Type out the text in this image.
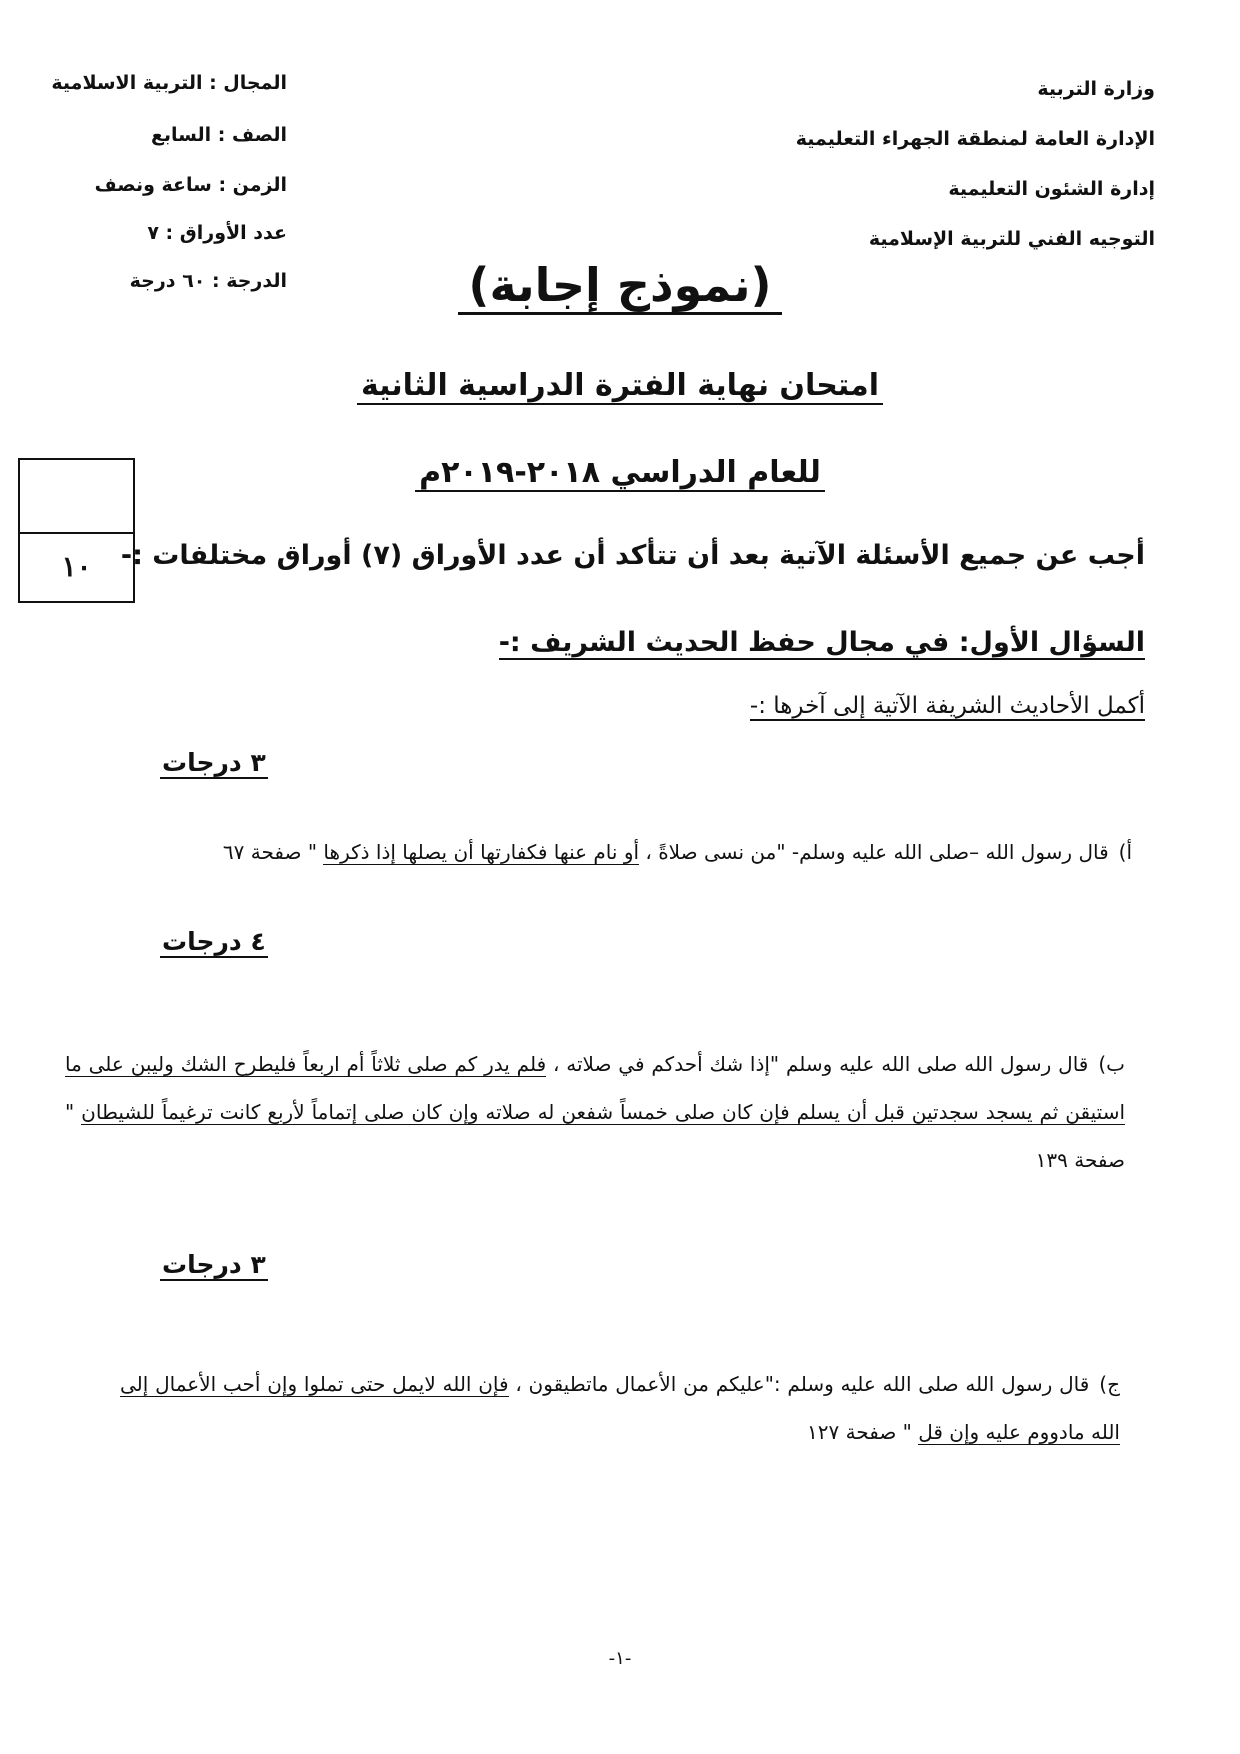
وزارة التربية
الإدارة العامة لمنطقة الجهراء التعليمية
إدارة الشئون التعليمية
التوجيه الفني للتربية الإسلامية
المجال : التربية الاسلامية
الصف : السابع
الزمن : ساعة ونصف
عدد الأوراق : ٧
الدرجة : ٦٠ درجة	(نموذج إجابة)
امتحان نهاية الفترة الدراسية الثانية
للعام الدراسي ٢٠١٨-٢٠١٩م
١٠	أجب عن جميع الأسئلة الآتية بعد أن تتأكد أن عدد الأوراق (٧) أوراق مختلفات :-
السؤال الأول: في مجال حفظ الحديث الشريف :-
أكمل الأحاديث الشريفة الآتية إلى آخرها :-
٣ درجات
أ)قال رسول الله –صلى الله عليه وسلم- "من نسى صلاةً ، أو نام عنها فكفارتها أن يصلها إذا ذكرها " صفحة ٦٧
٤ درجات
ب)قال رسول الله صلى الله عليه وسلم "إذا شك أحدكم في صلاته ، فلم يدر كم صلى ثلاثاً أم اربعاً فليطرح الشك وليبن على ما استيقن ثم يسجد سجدتين قبل أن يسلم فإن كان صلى خمساً شفعن له صلاته وإن كان صلى إتماماً لأربع كانت ترغيماً للشيطان " صفحة ١٣٩
٣ درجات
ج)قال رسول الله صلى الله عليه وسلم :"عليكم من الأعمال ماتطيقون ، فإن الله لايمل حتى تملوا وإن أحب الأعمال إلى الله مادووم عليه وإن قل " صفحة ١٢٧
-١-
